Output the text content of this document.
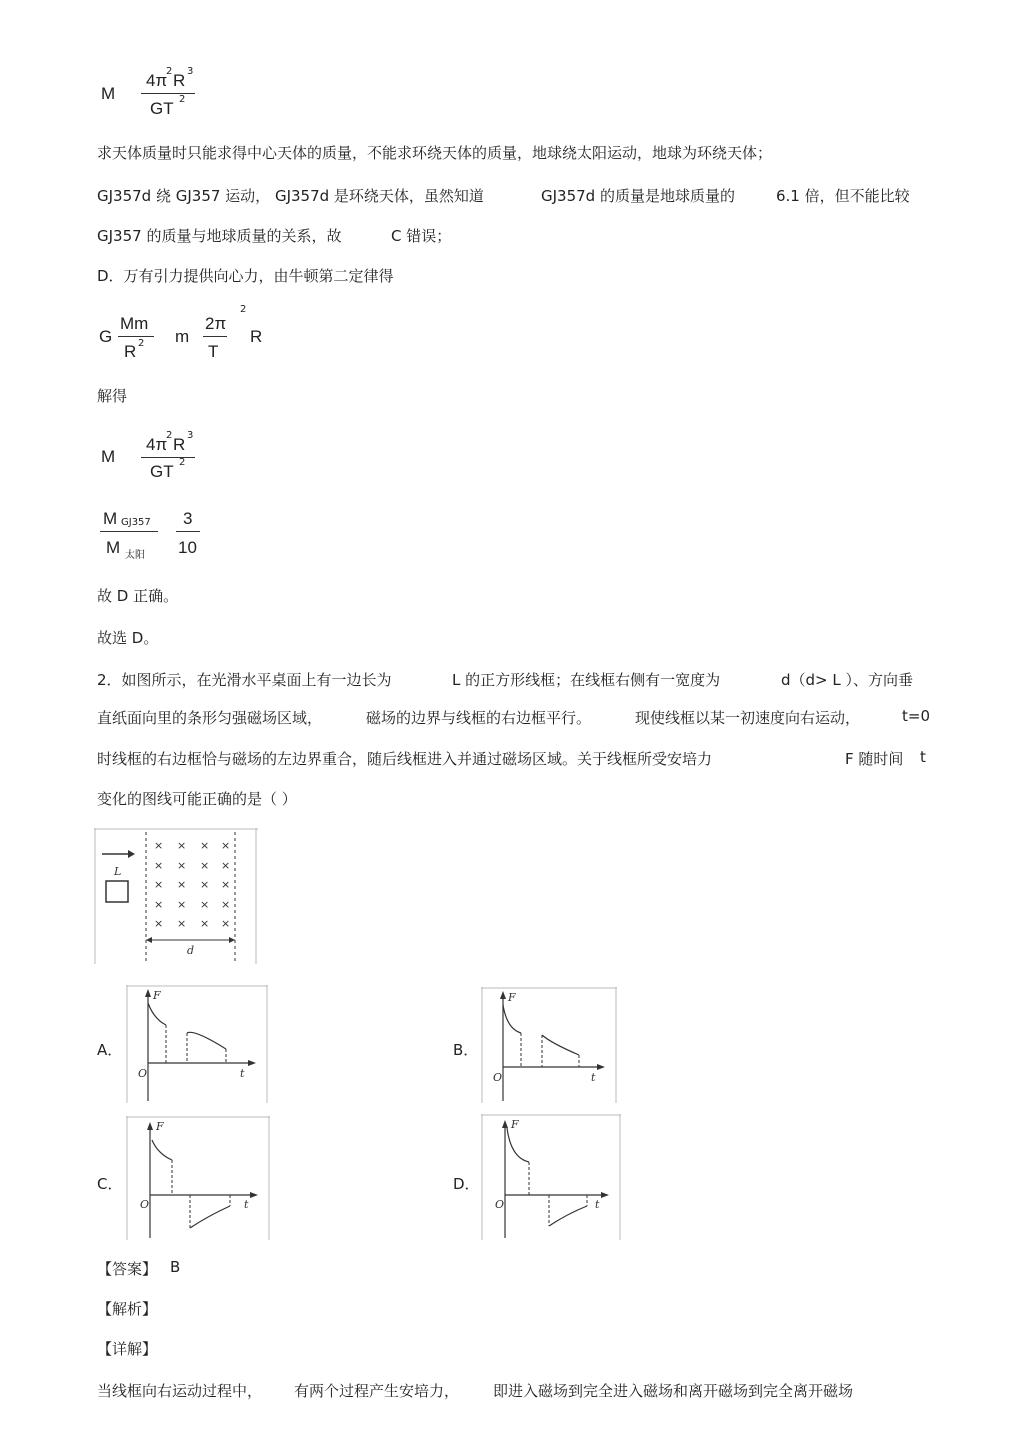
M
4π
2 R 3
GT 2
求天体质量时只能求得中心天体的质量，不能求环绕天体的质量，地球绕太阳运动，地球为环绕天体；
GJ357d 绕 GJ357 运动， GJ357d 是环绕天体，虽然知道	GJ357d 的质量是地球质量的	6.1 倍，但不能比较
GJ357 的质量与地球质量的关系，故	C 错误；
D．万有引力提供向心力，由牛顿第二定律得
G
Mm
R 2 m
2π
T
2
R
解得
M
4π
2 R 3
GT 2
M GJ357
M 太阳
3
10
故 D 正确。
故选 D。
2．如图所示，在光滑水平桌面上有一边长为	L 的正方形线框；在线框右侧有一宽度为	d（d> L ）、方向垂
直纸面向里的条形匀强磁场区域，	磁场的边界与线框的右边框平行。	现使线框以某一初速度向右运动，	t=0
时线框的右边框恰与磁场的左边界重合，随后线框进入并通过磁场区域。关于线框所受安培力	F 随时间 t
变化的图线可能正确的是（ ）
L
d
× × × ×
× × × ×
× × × ×
× × × ×
× × × ×
A．
F
O	t
B．
F
O	t
C．
F
O	t
D．
F
O	t
【答案】 B
【解析】
【详解】
当线框向右运动过程中， 有两个过程产生安培力， 即进入磁场到完全进入磁场和离开磁场到完全离开磁场
